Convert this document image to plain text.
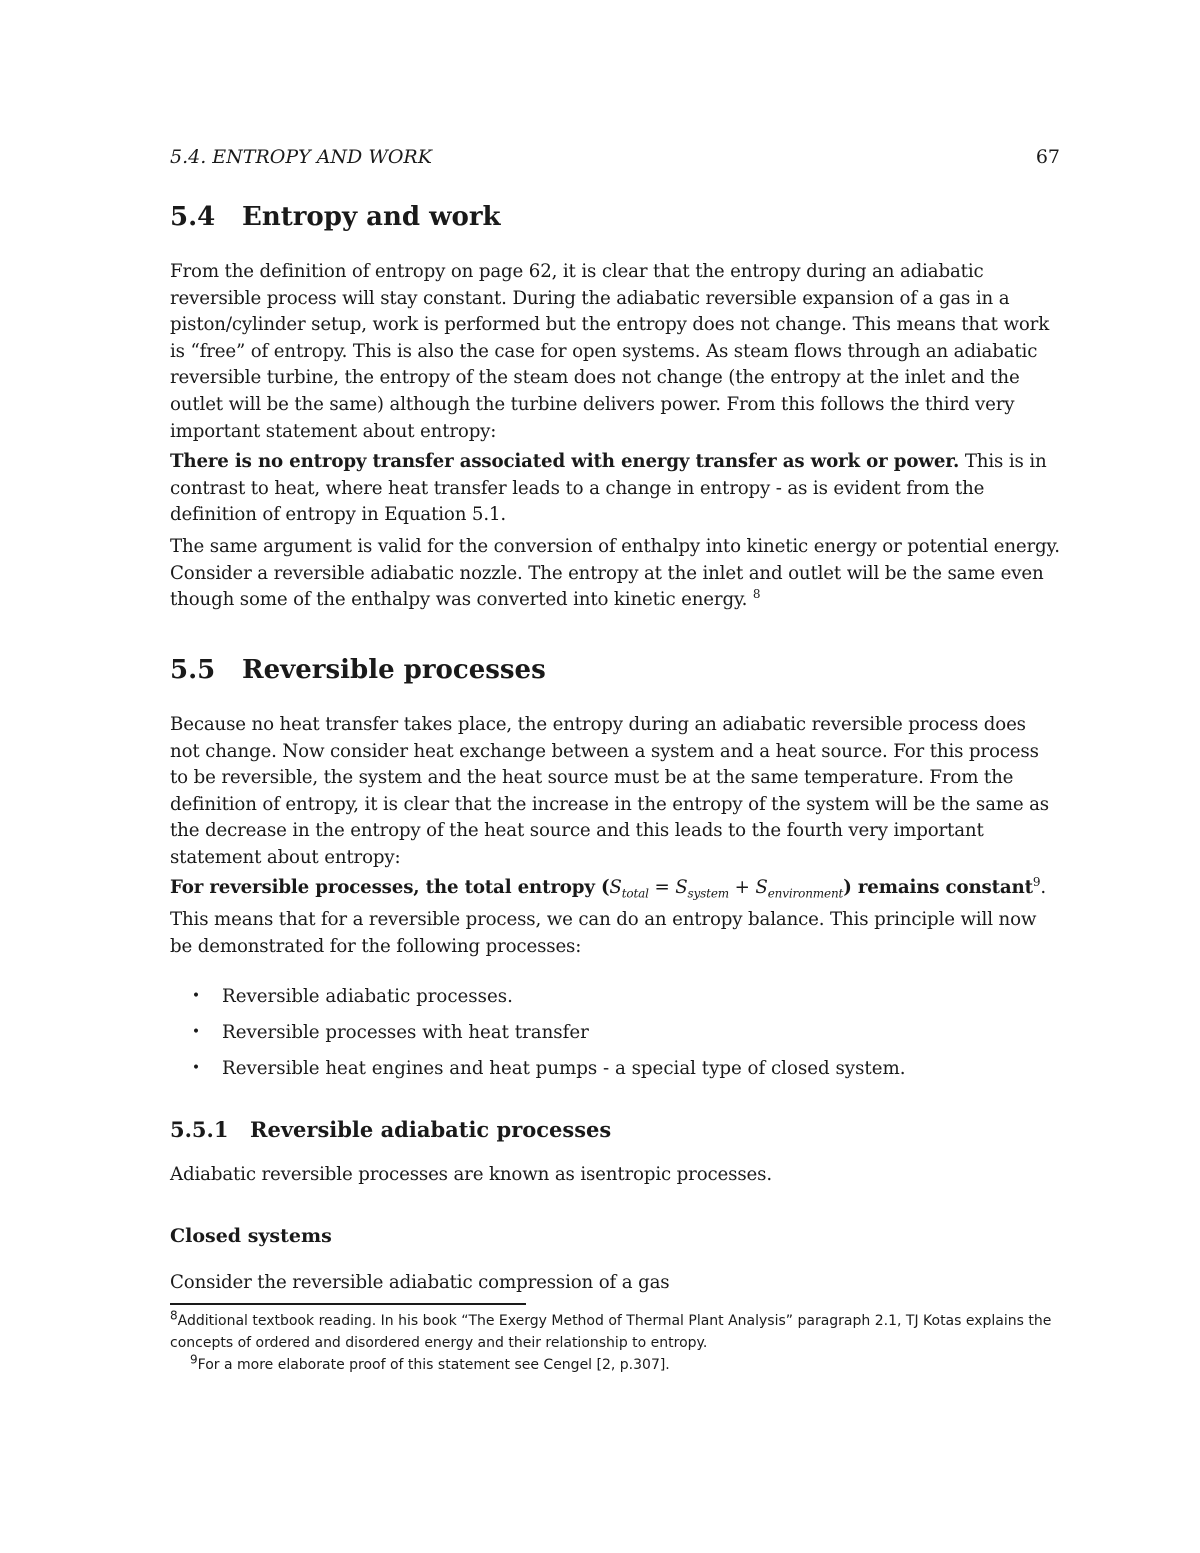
5.4. ENTROPY AND WORK	67
5.4	Entropy and work

From the definition of entropy on page 62, it is clear that the entropy during an adiabatic reversible process will stay constant. During the adiabatic reversible expansion of a gas in a piston/cylinder setup, work is performed but the entropy does not change. This means that work is “free” of entropy. This is also the case for open systems. As steam flows through an adiabatic reversible turbine, the entropy of the steam does not change (the entropy at the inlet and the outlet will be the same) although the turbine delivers power. From this follows the third very important statement about entropy:

There is no entropy transfer associated with energy transfer as work or power. This is in contrast to heat, where heat transfer leads to a change in entropy - as is evident from the definition of entropy in Equation 5.1.

The same argument is valid for the conversion of enthalpy into kinetic energy or potential energy. Consider a reversible adiabatic nozzle. The entropy at the inlet and outlet will be the same even though some of the enthalpy was converted into kinetic energy. $^8$

5.5	Reversible processes

Because no heat transfer takes place, the entropy during an adiabatic reversible process does not change. Now consider heat exchange between a system and a heat source. For this process to be reversible, the system and the heat source must be at the same temperature. From the definition of entropy, it is clear that the increase in the entropy of the system will be the same as the decrease in the entropy of the heat source and this leads to the fourth very important statement about entropy:

For reversible processes, the total entropy $(S_{total} = S_{system} + S_{environment})$ remains constant$^9$. This means that for a reversible process, we can do an entropy balance. This principle will now be demonstrated for the following processes:

•	Reversible adiabatic processes.
•	Reversible processes with heat transfer
•	Reversible heat engines and heat pumps - a special type of closed system.
5.5.1	Reversible adiabatic processes

Adiabatic reversible processes are known as isentropic processes.

Closed systems

Consider the reversible adiabatic compression of a gas

$^8$Additional textbook reading. In his book “The Exergy Method of Thermal Plant Analysis” paragraph 2.1, TJ Kotas explains the concepts of ordered and disordered energy and their relationship to entropy.
$^9$For a more elaborate proof of this statement see Cengel [2, p.307].
